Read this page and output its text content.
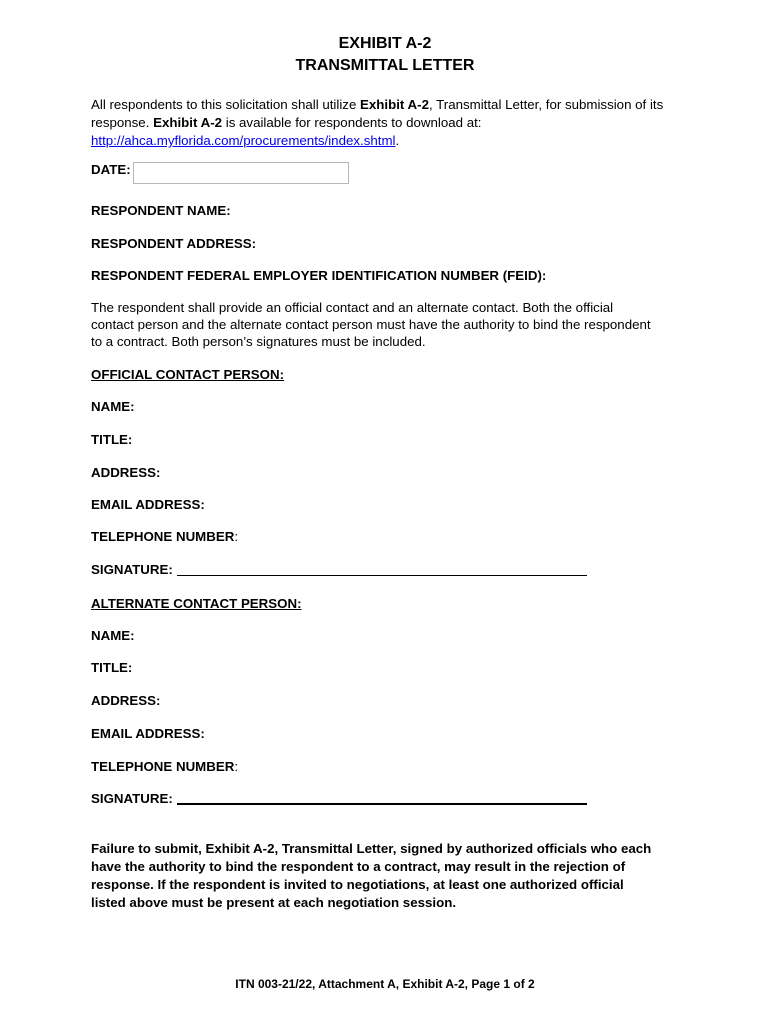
EXHIBIT A-2
TRANSMITTAL LETTER
All respondents to this solicitation shall utilize Exhibit A-2, Transmittal Letter, for submission of its response. Exhibit A-2 is available for respondents to download at:
http://ahca.myflorida.com/procurements/index.shtml.
DATE:
RESPONDENT NAME:
RESPONDENT ADDRESS:
RESPONDENT FEDERAL EMPLOYER IDENTIFICATION NUMBER (FEID):
The respondent shall provide an official contact and an alternate contact. Both the official
contact person and the alternate contact person must have the authority to bind the respondent
to a contract. Both person’s signatures must be included.
OFFICIAL CONTACT PERSON:
NAME:
TITLE:
ADDRESS:
EMAIL ADDRESS:
TELEPHONE NUMBER:
SIGNATURE:
ALTERNATE CONTACT PERSON:
NAME:
TITLE:
ADDRESS:
EMAIL ADDRESS:
TELEPHONE NUMBER:
SIGNATURE:
Failure to submit, Exhibit A-2, Transmittal Letter, signed by authorized officials who each
have the authority to bind the respondent to a contract, may result in the rejection of
response. If the respondent is invited to negotiations, at least one authorized official
listed above must be present at each negotiation session.
ITN 003-21/22, Attachment A, Exhibit A-2, Page 1 of 2
